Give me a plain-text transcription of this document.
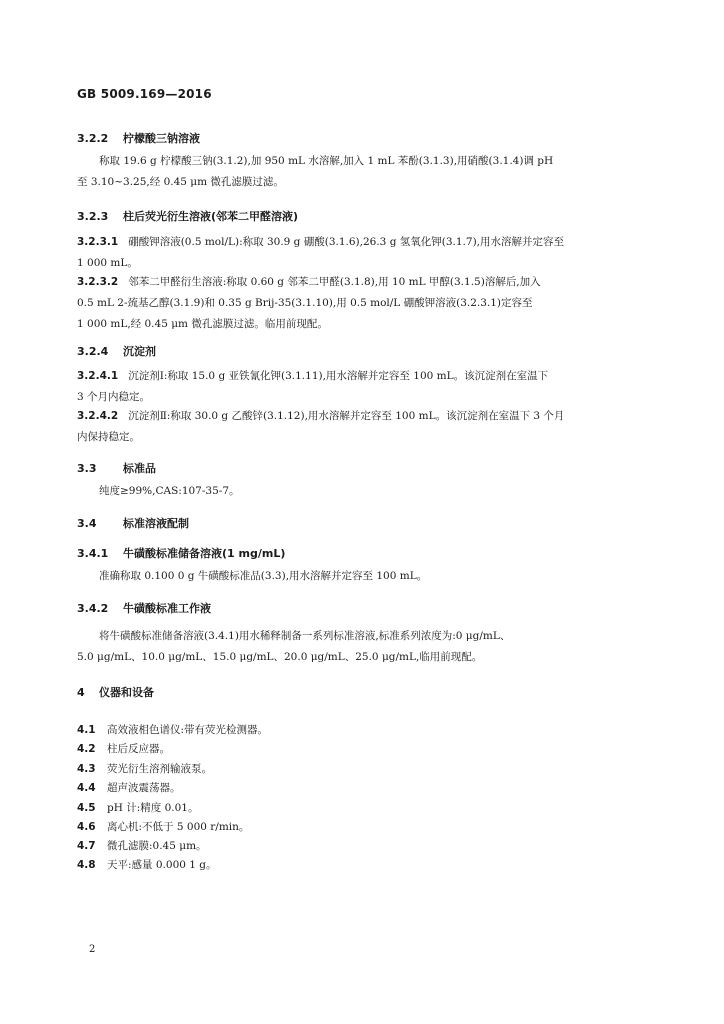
GB 5009.169—2016
3.2.2 柠檬酸三钠溶液
称取 19.6 g 柠檬酸三钠(3.1.2),加 950 mL 水溶解,加入 1 mL 苯酚(3.1.3),用硝酸(3.1.4)调 pH
至 3.10~3.25,经 0.45 μm 微孔滤膜过滤。
3.2.3 柱后荧光衍生溶液(邻苯二甲醛溶液)
3.2.3.1 硼酸钾溶液(0.5 mol/L):称取 30.9 g 硼酸(3.1.6),26.3 g 氢氧化钾(3.1.7),用水溶解并定容至
1 000 mL。
3.2.3.2 邻苯二甲醛衍生溶液:称取 0.60 g 邻苯二甲醛(3.1.8),用 10 mL 甲醇(3.1.5)溶解后,加入
0.5 mL 2-巯基乙醇(3.1.9)和 0.35 g Brij-35(3.1.10),用 0.5 mol/L 硼酸钾溶液(3.2.3.1)定容至
1 000 mL,经 0.45 μm 微孔滤膜过滤。临用前现配。
3.2.4 沉淀剂
3.2.4.1 沉淀剂Ⅰ:称取 15.0 g 亚铁氰化钾(3.1.11),用水溶解并定容至 100 mL。该沉淀剂在室温下
3 个月内稳定。
3.2.4.2 沉淀剂Ⅱ:称取 30.0 g 乙酸锌(3.1.12),用水溶解并定容至 100 mL。该沉淀剂在室温下 3 个月
内保持稳定。
3.3 标准品
纯度≥99%,CAS:107-35-7。
3.4 标准溶液配制
3.4.1 牛磺酸标准储备溶液(1 mg/mL)
准确称取 0.100 0 g 牛磺酸标准品(3.3),用水溶解并定容至 100 mL。
3.4.2 牛磺酸标准工作液
将牛磺酸标准储备溶液(3.4.1)用水稀释制备一系列标准溶液,标准系列浓度为:0 μg/mL、
5.0 μg/mL、10.0 μg/mL、15.0 μg/mL、20.0 μg/mL、25.0 μg/mL,临用前现配。
4 仪器和设备
4.1 高效液相色谱仪:带有荧光检测器。
4.2 柱后反应器。
4.3 荧光衍生溶剂输液泵。
4.4 超声波震荡器。
4.5 pH 计:精度 0.01。
4.6 离心机:不低于 5 000 r/min。
4.7 微孔滤膜:0.45 μm。
4.8 天平:感量 0.000 1 g。
2
